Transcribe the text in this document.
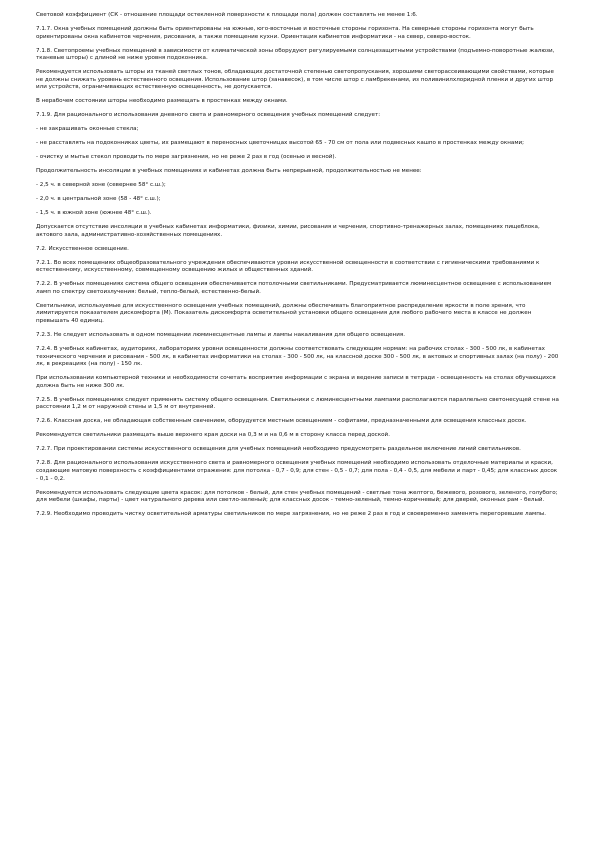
Световой коэффициент (СК - отношение площади остекленной поверхности к площади пола) должен составлять не менее 1:6.

7.1.7. Окна учебных помещений должны быть ориентированы на южные, юго-восточные и восточные стороны горизонта. На северные стороны горизонта могут быть ориентированы окна кабинетов черчения, рисования, а также помещение кухни. Ориентация кабинетов информатики - на север, северо-восток.

7.1.8. Светопроемы учебных помещений в зависимости от климатической зоны оборудуют регулируемыми солнцезащитными устройствами (подъемно-поворотные жалюзи, тканевые шторы) с длиной не ниже уровня подоконника.

Рекомендуется использовать шторы из тканей светлых тонов, обладающих достаточной степенью светопропускания, хорошими светорассеивающими свойствами, которые не должны снижать уровень естественного освещения. Использование штор (занавесок), в том числе штор с ламбрекенами, из поливинилхлоридной пленки и других штор или устройств, ограничивающих естественную освещенность, не допускается.

В нерабочем состоянии шторы необходимо размещать в простенках между окнами.

7.1.9. Для рационального использования дневного света и равномерного освещения учебных помещений следует:

- не закрашивать оконные стекла;

- не расставлять на подоконниках цветы, их размещают в переносных цветочницах высотой 65 - 70 см от пола или подвесных кашпо в простенках между окнами;

- очистку и мытье стекол проводить по мере загрязнения, но не реже 2 раз в год (осенью и весной).

Продолжительность инсоляции в учебных помещениях и кабинетах должна быть непрерывной, продолжительностью не менее:

- 2,5 ч. в северной зоне (севернее 58° с.ш.);

- 2,0 ч. в центральной зоне (58 - 48° с.ш.);

- 1,5 ч. в южной зоне (южнее 48° с.ш.).

Допускается отсутствие инсоляции в учебных кабинетах информатики, физики, химии, рисования и черчения, спортивно-тренажерных залах, помещениях пищеблока, актового зала, административно-хозяйственных помещениях.

7.2. Искусственное освещение.

7.2.1. Во всех помещениях общеобразовательного учреждения обеспечиваются уровни искусственной освещенности в соответствии с гигиеническими требованиями к естественному, искусственному, совмещенному освещению жилых и общественных зданий.

7.2.2. В учебных помещениях система общего освещения обеспечивается потолочными светильниками. Предусматривается люминесцентное освещение с использованием ламп по спектру светоизлучения: белый, тепло-белый, естественно-белый.

Светильники, используемые для искусственного освещения учебных помещений, должны обеспечивать благоприятное распределение яркости в поле зрения, что лимитируется показателем дискомфорта (М). Показатель дискомфорта осветительной установки общего освещения для любого рабочего места в классе не должен превышать 40 единиц.

7.2.3. Не следует использовать в одном помещении люминесцентные лампы и лампы накаливания для общего освещения.

7.2.4. В учебных кабинетах, аудиториях, лабораториях уровни освещенности должны соответствовать следующим нормам: на рабочих столах - 300 - 500 лк, в кабинетах технического черчения и рисования - 500 лк, в кабинетах информатики на столах - 300 - 500 лк, на классной доске 300 - 500 лк, в актовых и спортивных залах (на полу) - 200 лк, в рекреациях (на полу) - 150 лк.

При использовании компьютерной техники и необходимости сочетать восприятие информации с экрана и ведение записи в тетради - освещенность на столах обучающихся должна быть не ниже 300 лк.

7.2.5. В учебных помещениях следует применять систему общего освещения. Светильники с люминесцентными лампами располагаются параллельно светонесущей стене на расстоянии 1,2 м от наружной стены и 1,5 м от внутренней.

7.2.6. Классная доска, не обладающая собственным свечением, оборудуется местным освещением - софитами, предназначенными для освещения классных досок.

Рекомендуется светильники размещать выше верхнего края доски на 0,3 м и на 0,6 м в сторону класса перед доской.

7.2.7. При проектировании системы искусственного освещения для учебных помещений необходимо предусмотреть раздельное включение линий светильников.

7.2.8. Для рационального использования искусственного света и равномерного освещения учебных помещений необходимо использовать отделочные материалы и краски, создающие матовую поверхность с коэффициентами отражения: для потолка - 0,7 - 0,9; для стен - 0,5 - 0,7; для пола - 0,4 - 0,5, для мебели и парт - 0,45; для классных досок - 0,1 - 0,2.

Рекомендуется использовать следующие цвета красок: для потолков - белый, для стен учебных помещений - светлые тона желтого, бежевого, розового, зеленого, голубого; для мебели (шкафы, парты) - цвет натурального дерева или светло-зеленый; для классных досок - темно-зеленый, темно-коричневый; для дверей, оконных рам - белый.

7.2.9. Необходимо проводить чистку осветительной арматуры светильников по мере загрязнения, но не реже 2 раз в год и своевременно заменять перегоревшие лампы.
